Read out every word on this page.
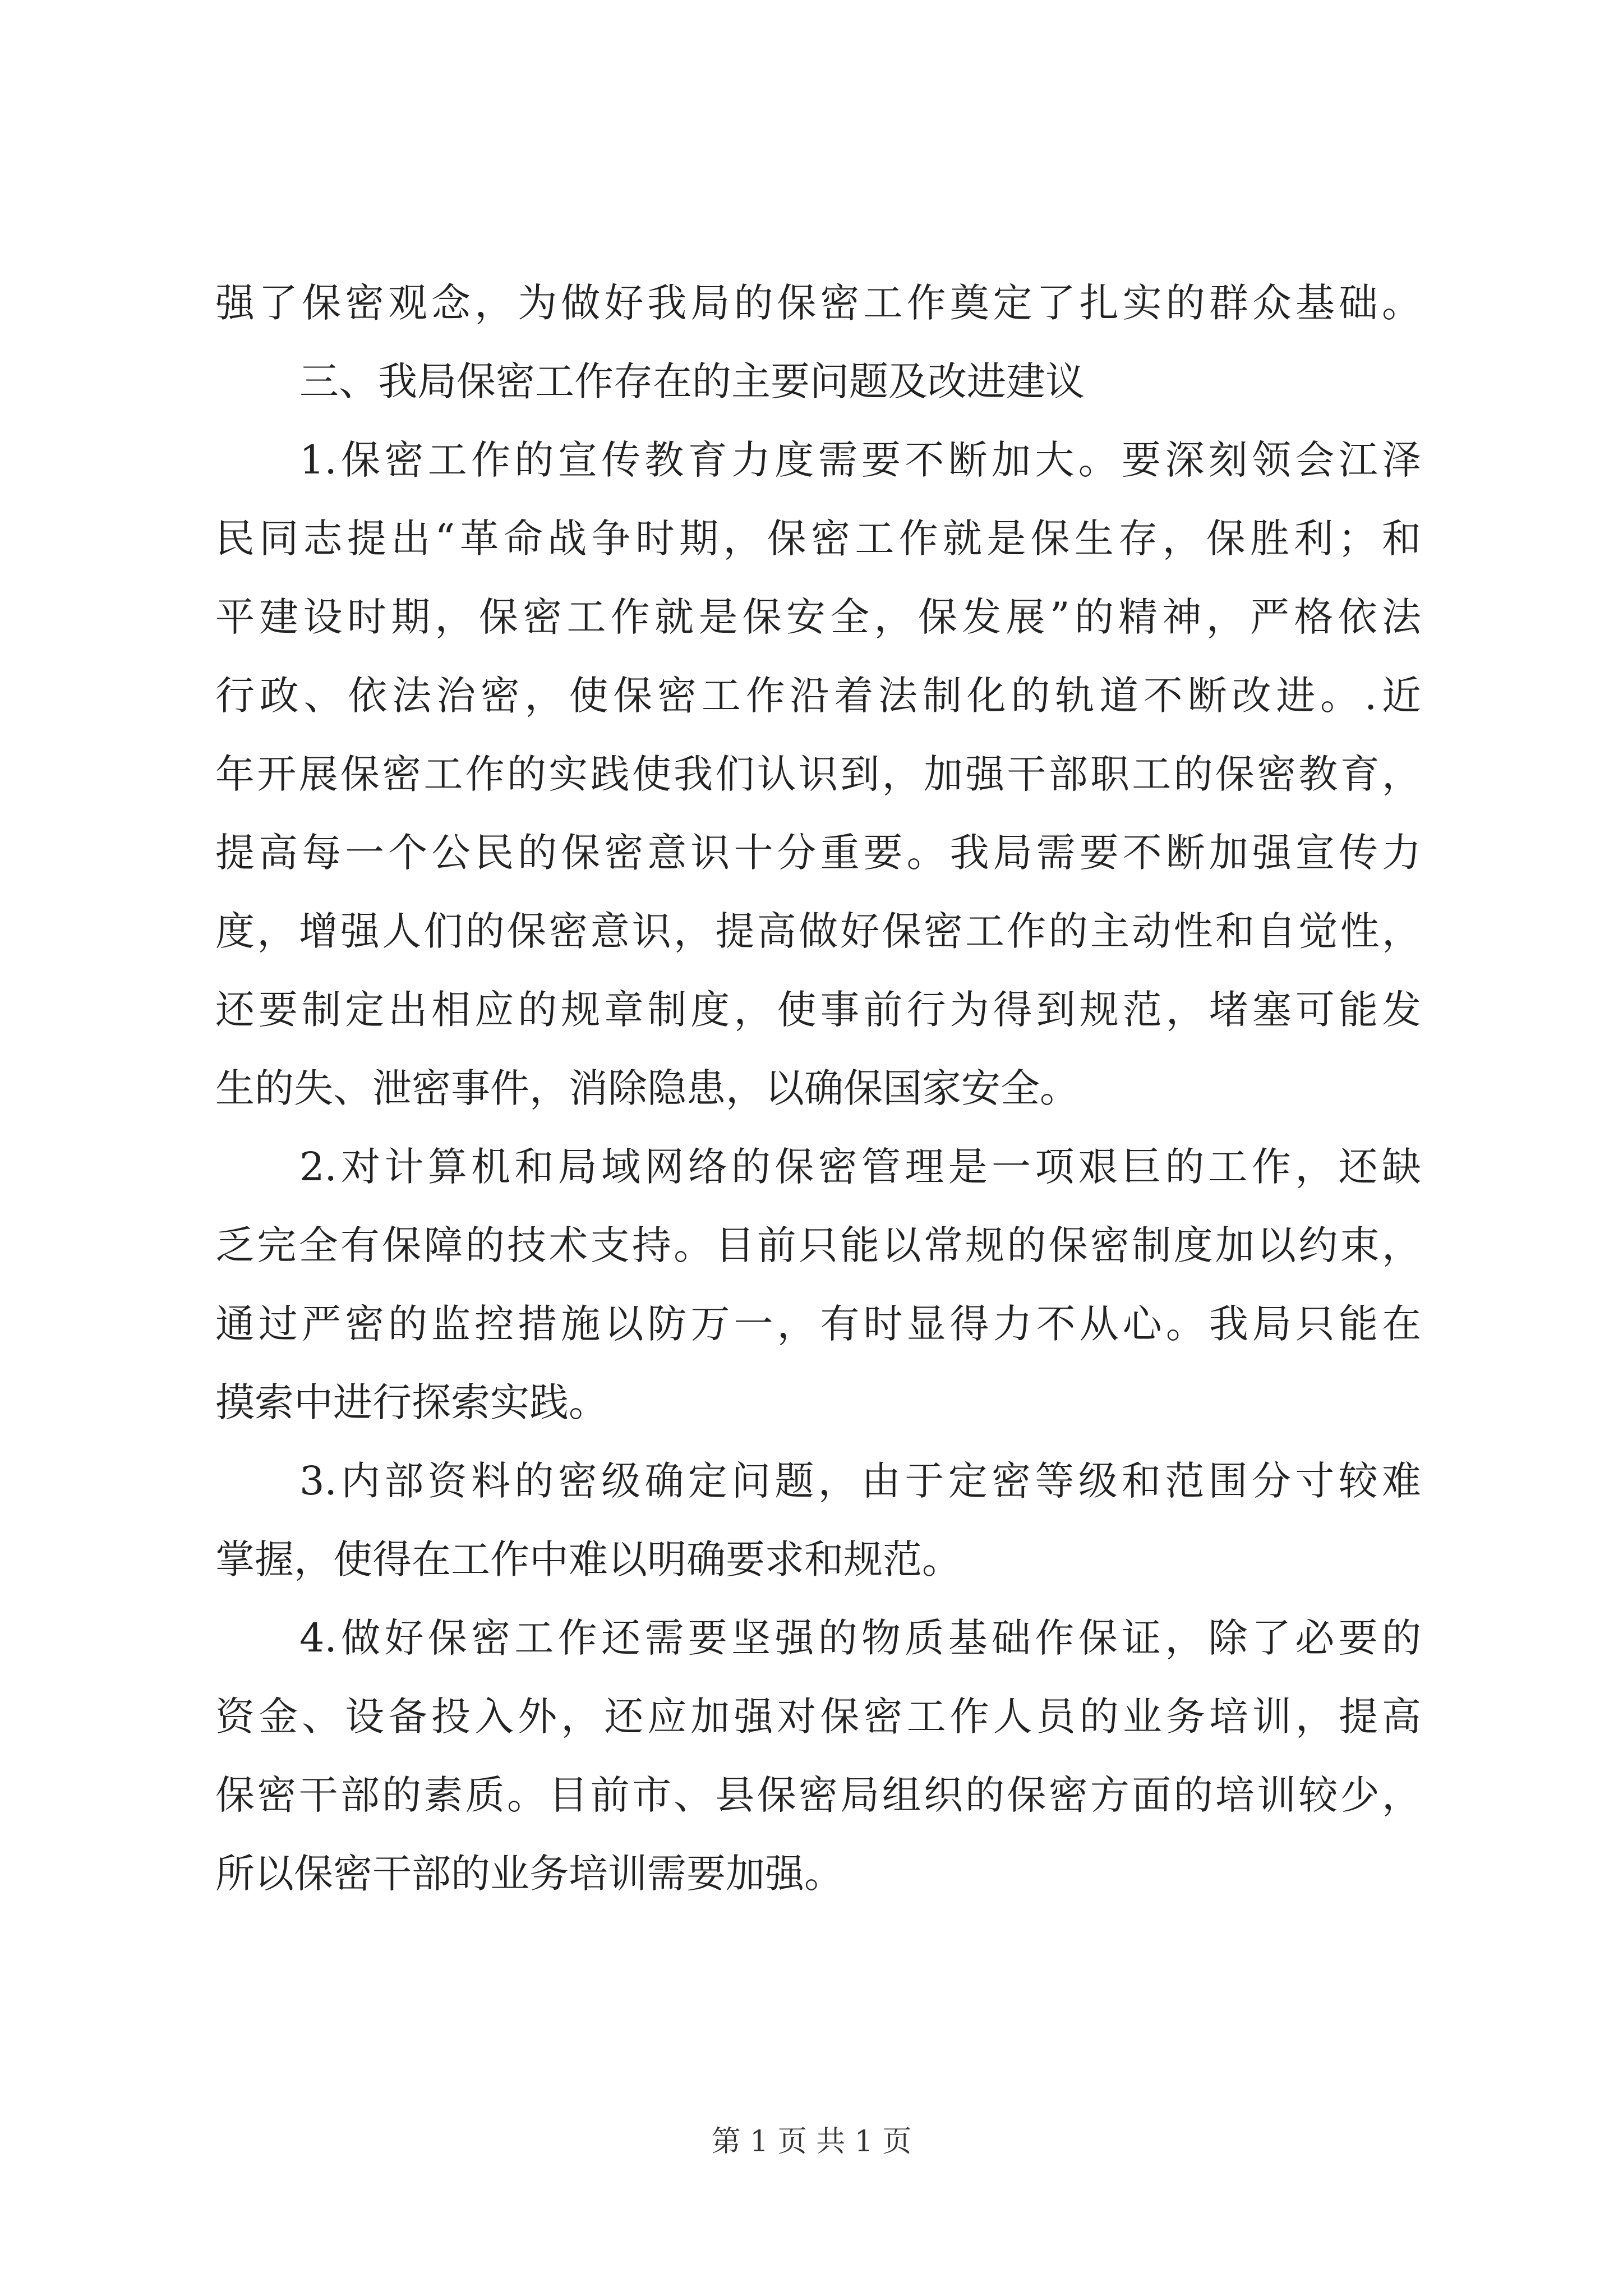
强了保密观念，为做好我局的保密工作奠定了扎实的群众基础。
三、我局保密工作存在的主要问题及改进建议
1.保密工作的宣传教育力度需要不断加大。要深刻领会江泽
民同志提出“革命战争时期，保密工作就是保生存，保胜利；和
平建设时期，保密工作就是保安全，保发展”的精神，严格依法
行政、依法治密，使保密工作沿着法制化的轨道不断改进。.近
年开展保密工作的实践使我们认识到，加强干部职工的保密教育，
提高每一个公民的保密意识十分重要。我局需要不断加强宣传力
度，增强人们的保密意识，提高做好保密工作的主动性和自觉性，
还要制定出相应的规章制度，使事前行为得到规范，堵塞可能发
生的失、泄密事件，消除隐患，以确保国家安全。
2.对计算机和局域网络的保密管理是一项艰巨的工作，还缺
乏完全有保障的技术支持。目前只能以常规的保密制度加以约束，
通过严密的监控措施以防万一，有时显得力不从心。我局只能在
摸索中进行探索实践。
3.内部资料的密级确定问题，由于定密等级和范围分寸较难
掌握，使得在工作中难以明确要求和规范。
4.做好保密工作还需要坚强的物质基础作保证，除了必要的
资金、设备投入外，还应加强对保密工作人员的业务培训，提高
保密干部的素质。目前市、县保密局组织的保密方面的培训较少，
所以保密干部的业务培训需要加强。
第 1 页 共 1 页
